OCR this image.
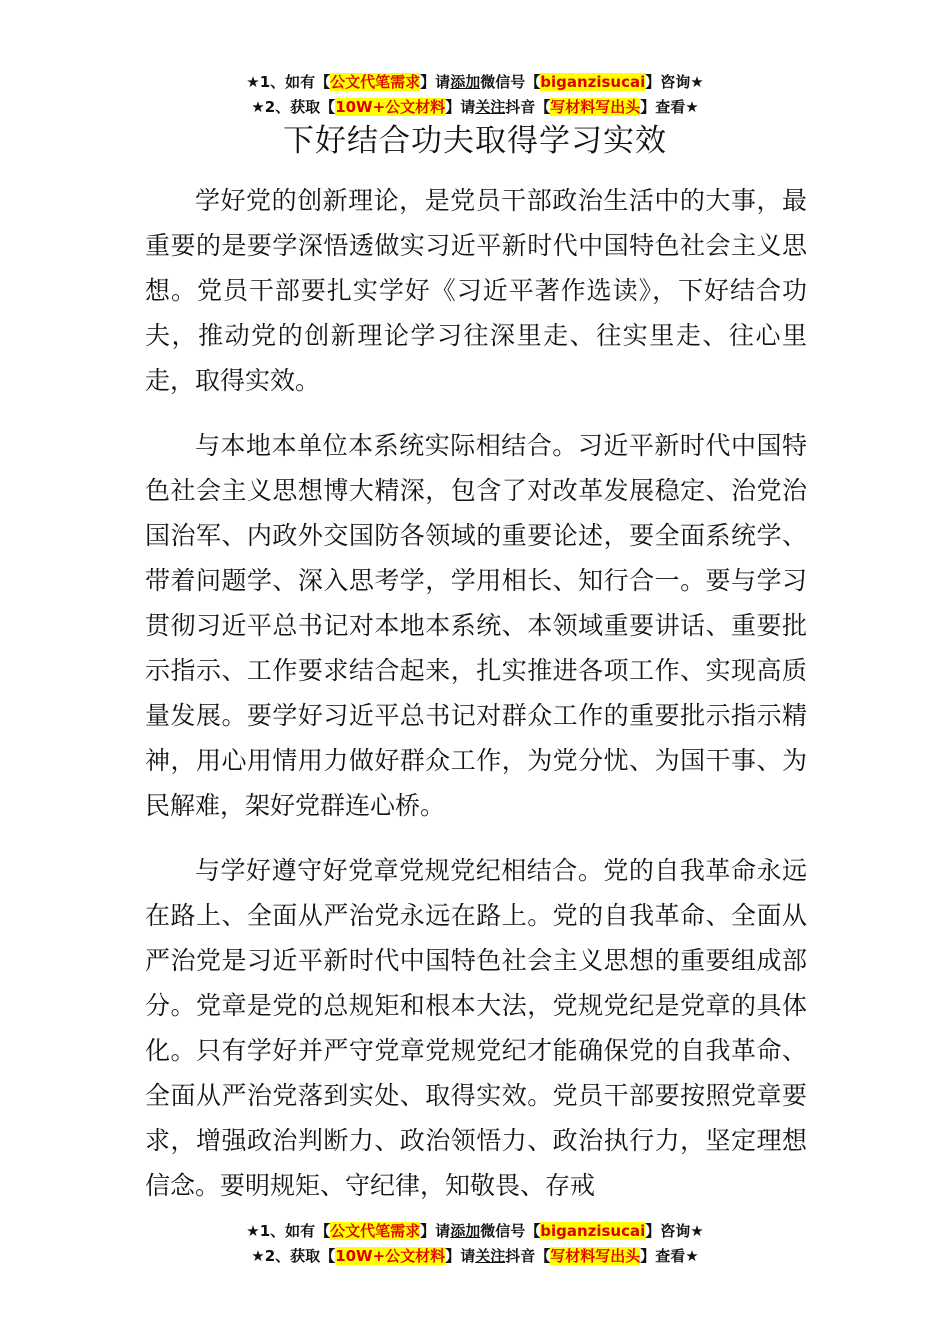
★1、如有【公文代笔需求】请添加微信号【biganzisucai】咨询★
★2、获取【10W+公文材料】请关注抖音【写材料写出头】查看★
下好结合功夫取得学习实效

学好党的创新理论，是党员干部政治生活中的大事，最重要的是要学深悟透做实习近平新时代中国特色社会主义思想。党员干部要扎实学好《习近平著作选读》，下好结合功夫，推动党的创新理论学习往深里走、往实里走、往心里走，取得实效。

与本地本单位本系统实际相结合。习近平新时代中国特色社会主义思想博大精深，包含了对改革发展稳定、治党治国治军、内政外交国防各领域的重要论述，要全面系统学、带着问题学、深入思考学，学用相长、知行合一。要与学习贯彻习近平总书记对本地本系统、本领域重要讲话、重要批示指示、工作要求结合起来，扎实推进各项工作、实现高质量发展。要学好习近平总书记对群众工作的重要批示指示精神，用心用情用力做好群众工作，为党分忧、为国干事、为民解难，架好党群连心桥。

与学好遵守好党章党规党纪相结合。党的自我革命永远在路上、全面从严治党永远在路上。党的自我革命、全面从严治党是习近平新时代中国特色社会主义思想的重要组成部分。党章是党的总规矩和根本大法，党规党纪是党章的具体化。只有学好并严守党章党规党纪才能确保党的自我革命、全面从严治党落到实处、取得实效。党员干部要按照党章要求，增强政治判断力、政治领悟力、政治执行力，坚定理想信念。要明规矩、守纪律，知敬畏、存戒

★1、如有【公文代笔需求】请添加微信号【biganzisucai】咨询★
★2、获取【10W+公文材料】请关注抖音【写材料写出头】查看★
